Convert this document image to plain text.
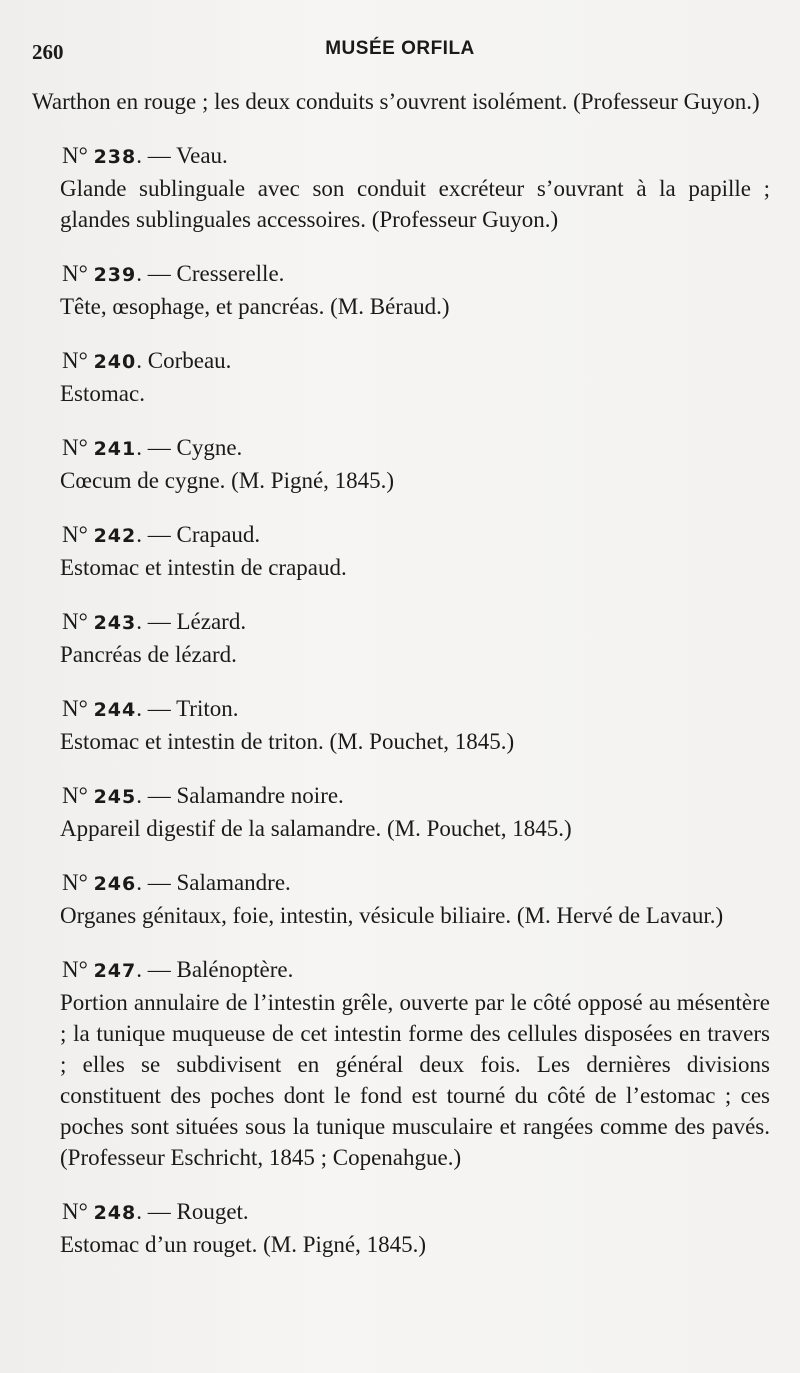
260	MUSÉE ORFILA

Warthon en rouge ; les deux conduits s’ouvrent isolément. (Professeur Guyon.)

N° 238. — Veau.

Glande sublinguale avec son conduit excréteur s’ouvrant à la papille ; glandes sublinguales accessoires. (Professeur Guyon.)

N° 239. — Cresserelle.

Tête, œsophage, et pancréas. (M. Béraud.)

N° 240. Corbeau.

Estomac.

N° 241. — Cygne.

Cœcum de cygne. (M. Pigné, 1845.)

N° 242. — Crapaud.

Estomac et intestin de crapaud.

N° 243. — Lézard.

Pancréas de lézard.

N° 244. — Triton.

Estomac et intestin de triton. (M. Pouchet, 1845.)

N° 245. — Salamandre noire.

Appareil digestif de la salamandre. (M. Pouchet, 1845.)

N° 246. — Salamandre.

Organes génitaux, foie, intestin, vésicule biliaire. (M. Hervé de Lavaur.)

N° 247. — Balénoptère.

Portion annulaire de l’intestin grêle, ouverte par le côté opposé au mésentère ; la tunique muqueuse de cet intestin forme des cellules disposées en travers ; elles se subdivisent en général deux fois. Les dernières divisions constituent des poches dont le fond est tourné du côté de l’estomac ; ces poches sont situées sous la tunique musculaire et rangées comme des pavés. (Professeur Eschricht, 1845 ; Copenahgue.)

N° 248. — Rouget.

Estomac d’un rouget. (M. Pigné, 1845.)
